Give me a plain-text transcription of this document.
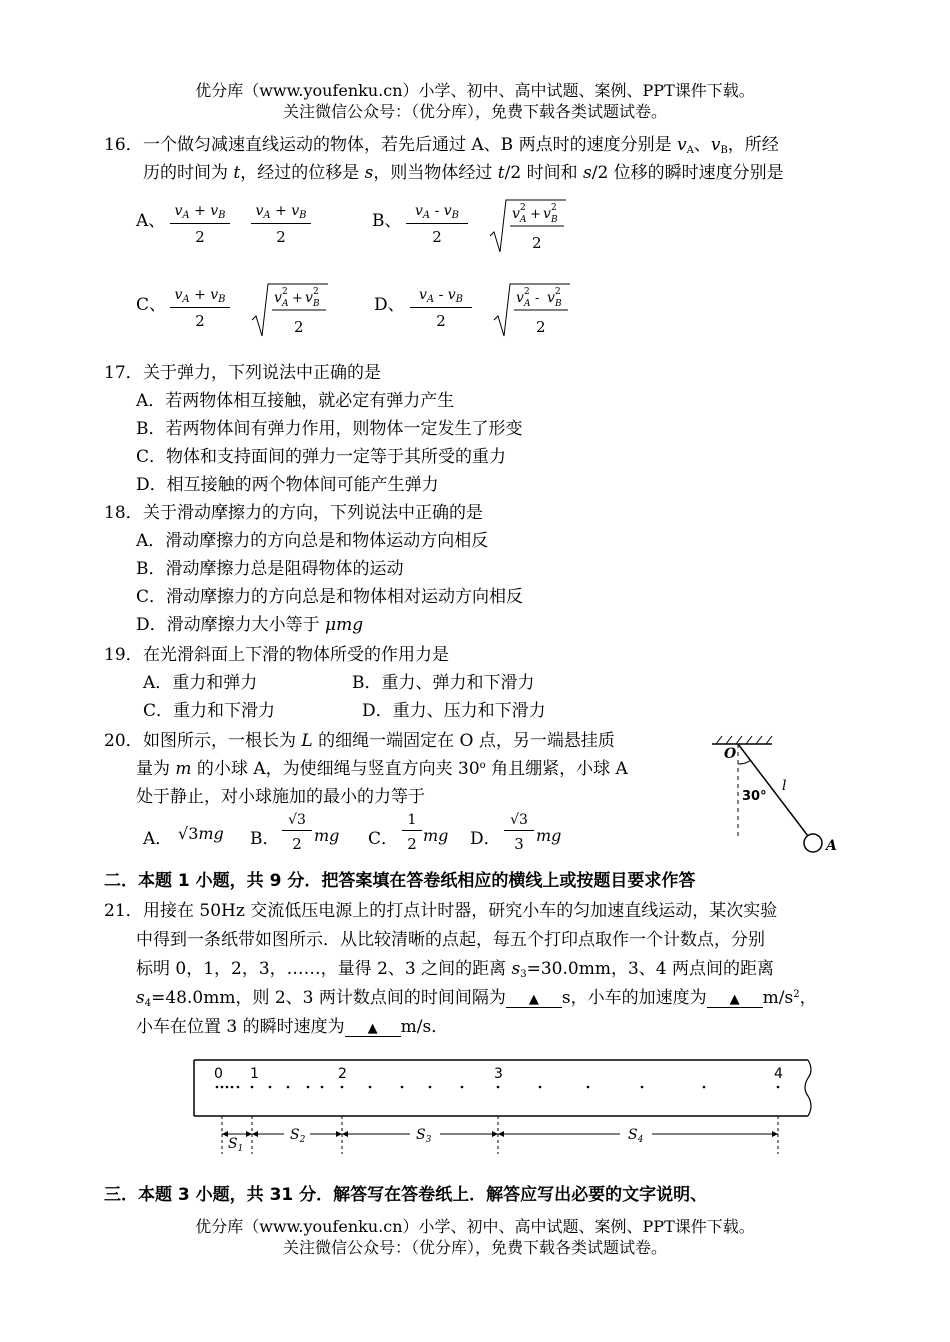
优分库（www.youfenku.cn）小学、初中、高中试题、案例、PPT课件下载。
关注微信公众号：（优分库），免费下载各类试题试卷。
16． 一个做匀减速直线运动的物体，若先后通过 A、B 两点时的速度分别是 $v_A$、$v_B$，所经
历的时间为 t，经过的位移是 s，则当物体经过 t/2 时间和 s/2 位移的瞬时速度分别是
A、 $\frac{v_A + v_B}{2} \frac{v_A + v_B}{2}$	B、 $\frac{v_A - v_B}{2}$	v 2
A + v 2
B
2
C、 $\frac{v_A + v_B}{2}$	v 2
A + v 2
B
2
D、 $\frac{v_A - v_B}{2}$	v 2
A - v 2
B
2
17． 关于弹力，下列说法中正确的是
A．若两物体相互接触，就必定有弹力产生
B．若两物体间有弹力作用，则物体一定发生了形变
C．物体和支持面间的弹力一定等于其所受的重力
D．相互接触的两个物体间可能产生弹力
18． 关于滑动摩擦力的方向，下列说法中正确的是
A．滑动摩擦力的方向总是和物体运动方向相反
B．滑动摩擦力总是阻碍物体的运动
C．滑动摩擦力的方向总是和物体相对运动方向相反
D．滑动摩擦力大小等于 μmg
19． 在光滑斜面上下滑的物体所受的作用力是
A．重力和弹力	B．重力、弹力和下滑力
C．重力和下滑力	D．重力、压力和下滑力
20． 如图所示，一根长为 L 的细绳一端固定在 O 点，另一端悬挂质
量为 m 的小球 A，为使细绳与竖直方向夹 30$^o$ 角且绷紧，小球 A
处于静止，对小球施加的最小的力等于
A． √3mg B． $\frac{√3}{2}$ mg C． $\frac{1}{2}$ mg D． $\frac{√3}{3}$ mg
O
30°
l
A
二．本题 1 小题，共 9 分．把答案填在答卷纸相应的横线上或按题目要求作答
21． 用接在 50Hz 交流低压电源上的打点计时器，研究小车的匀加速直线运动，某次实验
中得到一条纸带如图所示．从比较清晰的点起，每五个打印点取作一个计数点，分别
标明 0，1，2，3，……，量得 2、3 之间的距离 $s_3=30.0mm$，3、4 两点间的距离
$s_4=48.0mm$，则 2、3 两计数点间的时间间隔为 ▲ s，小车的加速度为 ▲ $m/s^2$，
小车在位置 3 的瞬时速度为 ▲ m/s．
0 1	2	3	4
$S_1$
$S_2$	$S_3$	$S_4$
三．本题 3 小题，共 31 分．解答写在答卷纸上．解答应写出必要的文字说明、
优分库（www.youfenku.cn）小学、初中、高中试题、案例、PPT课件下载。
关注微信公众号：（优分库），免费下载各类试题试卷。
